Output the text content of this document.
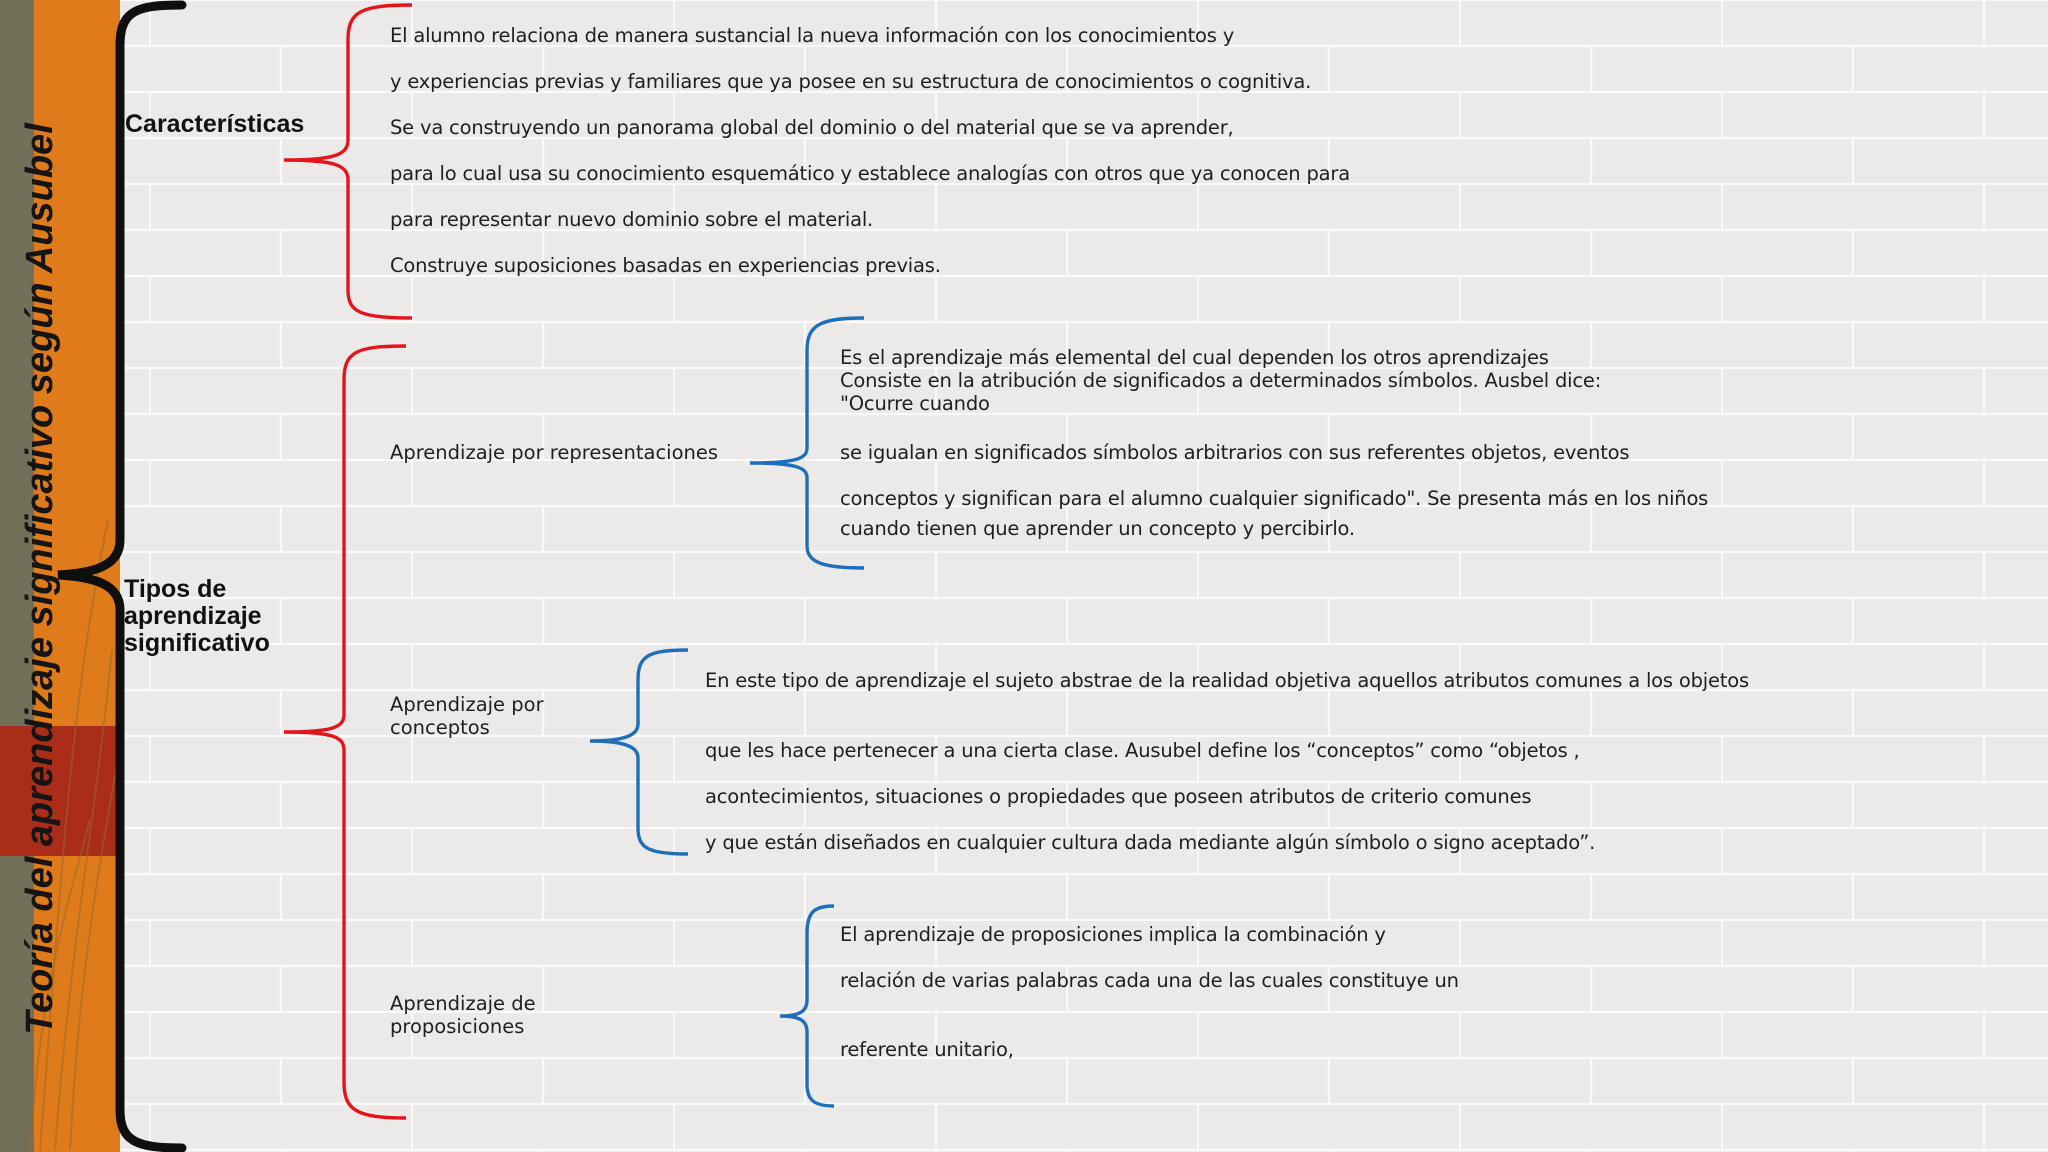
Teoría del aprendizaje significativo según Ausubel	Características
El alumno relaciona de manera sustancial la nueva información con los conocimientos y
y experiencias previas y familiares que ya posee en su estructura de conocimientos o cognitiva.
Se va construyendo un panorama global del dominio o del material que se va aprender,
para lo cual usa su conocimiento esquemático y establece analogías con otros que ya conocen para
para representar nuevo dominio sobre el material.
Construye suposiciones basadas en experiencias previas.
Tipos de
aprendizaje
significativo
Aprendizaje por representaciones
Es el aprendizaje más elemental del cual dependen los otros aprendizajes
Consiste en la atribución de significados a determinados símbolos. Ausbel dice:
"Ocurre cuando
se igualan en significados símbolos arbitrarios con sus referentes objetos, eventos
conceptos y significan para el alumno cualquier significado". Se presenta más en los niños
cuando tienen que aprender un concepto y percibirlo.
Aprendizaje por
conceptos
En este tipo de aprendizaje el sujeto abstrae de la realidad objetiva aquellos atributos comunes a los objetos
que les hace pertenecer a una cierta clase. Ausubel define los “conceptos” como “objetos ,
acontecimientos, situaciones o propiedades que poseen atributos de criterio comunes
y que están diseñados en cualquier cultura dada mediante algún símbolo o signo aceptado”.
Aprendizaje de
proposiciones
El aprendizaje de proposiciones implica la combinación y
relación de varias palabras cada una de las cuales constituye un
referente unitario,
